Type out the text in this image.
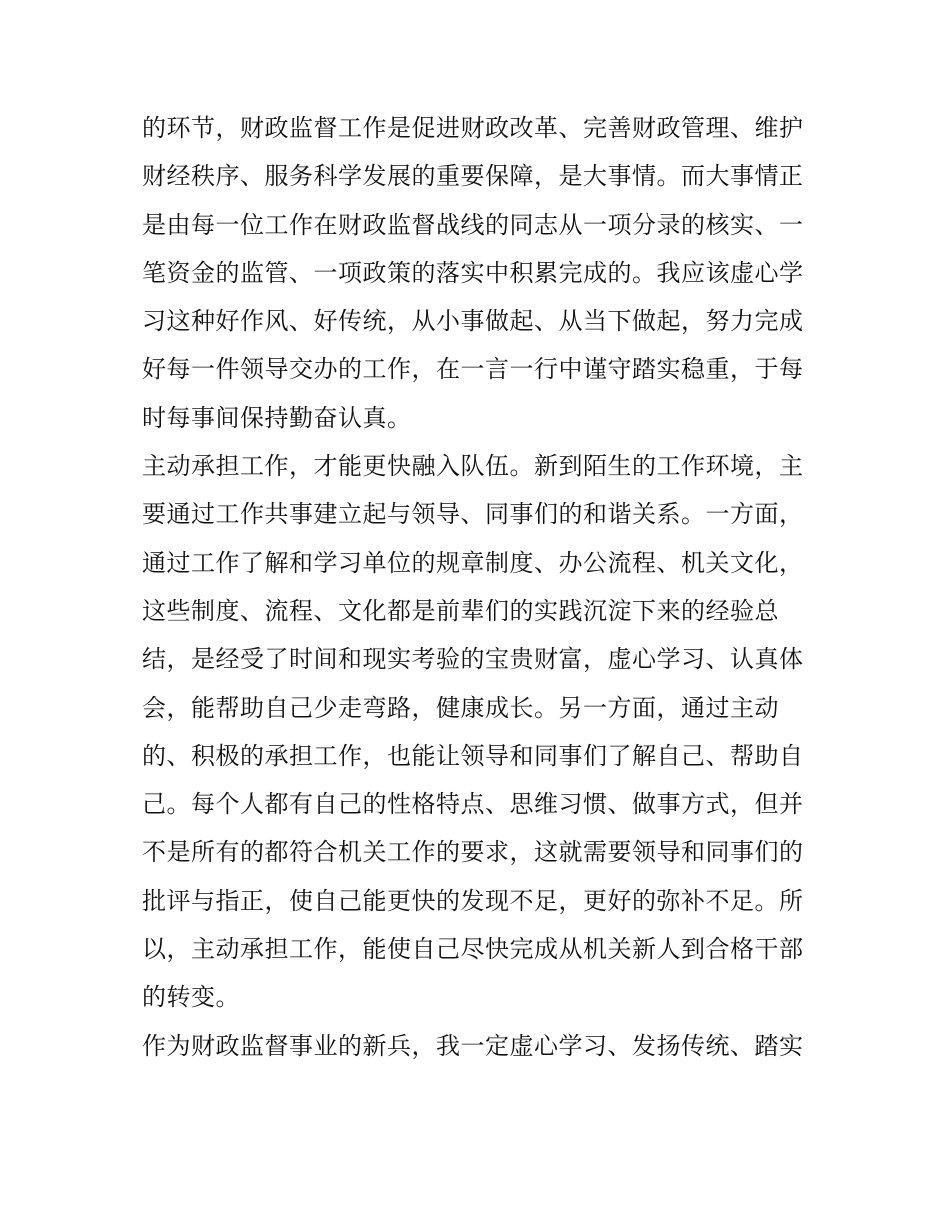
的环节，财政监督工作是促进财政改革、完善财政管理、维护
财经秩序、服务科学发展的重要保障，是大事情。而大事情正
是由每一位工作在财政监督战线的同志从一项分录的核实、一
笔资金的监管、一项政策的落实中积累完成的。我应该虚心学
习这种好作风、好传统，从小事做起、从当下做起，努力完成
好每一件领导交办的工作，在一言一行中谨守踏实稳重，于每
时每事间保持勤奋认真。
主动承担工作，才能更快融入队伍。新到陌生的工作环境，主
要通过工作共事建立起与领导、同事们的和谐关系。一方面，
通过工作了解和学习单位的规章制度、办公流程、机关文化，
这些制度、流程、文化都是前辈们的实践沉淀下来的经验总
结，是经受了时间和现实考验的宝贵财富，虚心学习、认真体
会，能帮助自己少走弯路，健康成长。另一方面，通过主动
的、积极的承担工作，也能让领导和同事们了解自己、帮助自
己。每个人都有自己的性格特点、思维习惯、做事方式，但并
不是所有的都符合机关工作的要求，这就需要领导和同事们的
批评与指正，使自己能更快的发现不足，更好的弥补不足。所
以，主动承担工作，能使自己尽快完成从机关新人到合格干部
的转变。
作为财政监督事业的新兵，我一定虚心学习、发扬传统、踏实
